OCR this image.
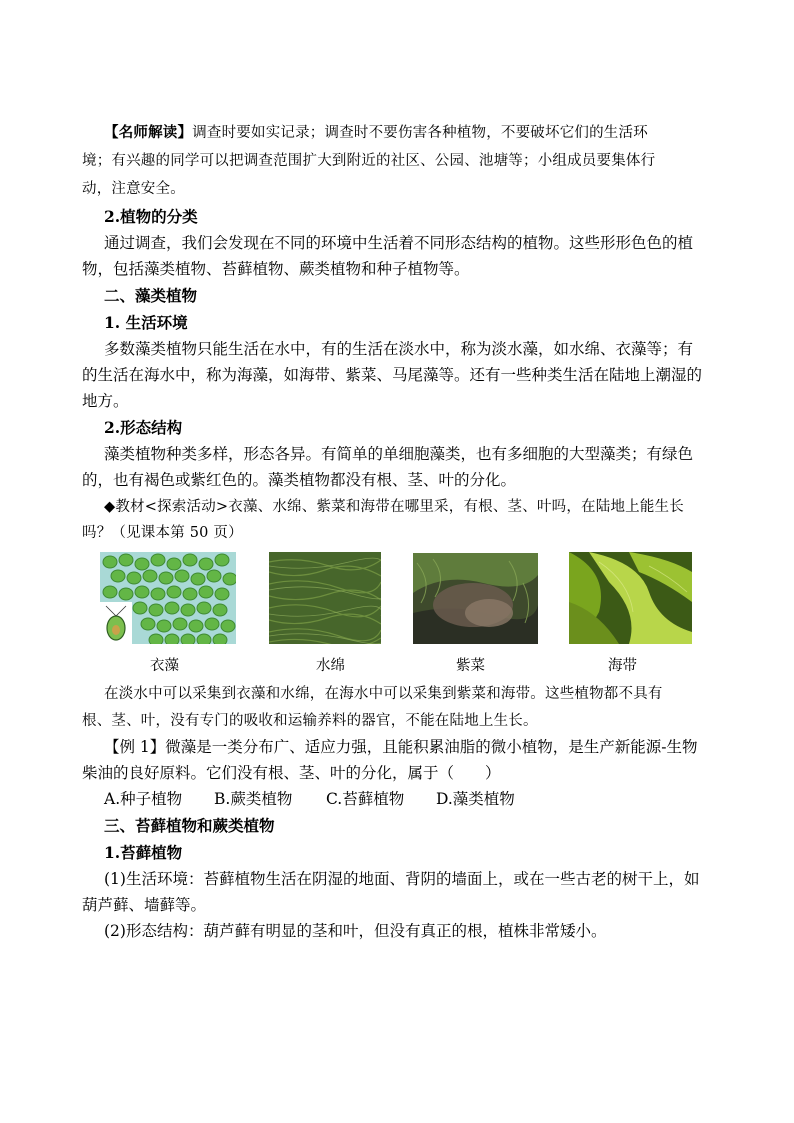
【名师解读】调查时要如实记录；调查时不要伤害各种植物，不要破坏它们的生活环
境；有兴趣的同学可以把调查范围扩大到附近的社区、公园、池塘等；小组成员要集体行
动，注意安全。
2.植物的分类
通过调查，我们会发现在不同的环境中生活着不同形态结构的植物。这些形形色色的植
物，包括藻类植物、苔藓植物、蕨类植物和种子植物等。
二、藻类植物
1. 生活环境
多数藻类植物只能生活在水中，有的生活在淡水中，称为淡水藻，如水绵、衣藻等；有
的生活在海水中，称为海藻，如海带、紫菜、马尾藻等。还有一些种类生活在陆地上潮湿的
地方。
2.形态结构
藻类植物种类多样，形态各异。有简单的单细胞藻类，也有多细胞的大型藻类；有绿色
的，也有褐色或紫红色的。藻类植物都没有根、茎、叶的分化。
◆教材<探索活动>衣藻、水绵、紫菜和海带在哪里采，有根、茎、叶吗，在陆地上能生长
吗？（见课本第 50 页）
衣藻	水绵	紫菜	海带
在淡水中可以采集到衣藻和水绵，在海水中可以采集到紫菜和海带。这些植物都不具有
根、茎、叶，没有专门的吸收和运输养料的器官，不能在陆地上生长。
【例 1】微藻是一类分布广、适应力强，且能积累油脂的微小植物，是生产新能源-生物
柴油的良好原料。它们没有根、茎、叶的分化，属于（　　）
A.种子植物 B.蕨类植物 C.苔藓植物 D.藻类植物
三、苔藓植物和蕨类植物
1.苔藓植物
(1)生活环境：苔藓植物生活在阴湿的地面、背阴的墙面上，或在一些古老的树干上，如
葫芦藓、墙藓等。
(2)形态结构：葫芦藓有明显的茎和叶，但没有真正的根，植株非常矮小。
